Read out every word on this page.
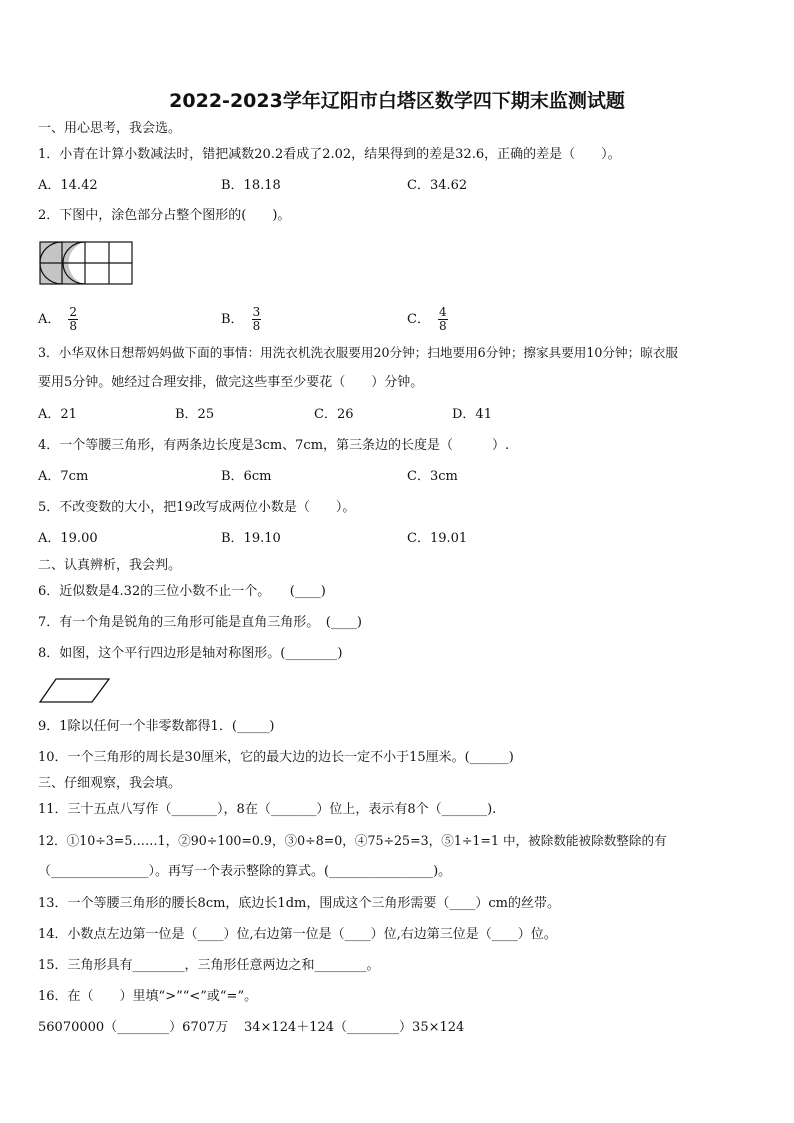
2022-2023学年辽阳市白塔区数学四下期末监测试题
一、用心思考，我会选。
1．小青在计算小数减法时，错把减数20.2看成了2.02，结果得到的差是32.6，正确的差是（　　）。
A．14.42	B．18.18	C．34.62
2．下图中，涂色部分占整个图形的(　　)。
A． $\frac{2}{8}$	B． $\frac{3}{8}$	C． $\frac{4}{8}$
3．小华双休日想帮妈妈做下面的事情：用洗衣机洗衣服要用20分钟；扫地要用6分钟；擦家具要用10分钟；晾衣服
要用5分钟。她经过合理安排，做完这些事至少要花（　　）分钟。
A．21	B．25	C．26	D．41
4．一个等腰三角形，有两条边长度是3cm、7cm，第三条边的长度是（　　　）.
A．7cm	B．6cm	C．3cm
5．不改变数的大小，把19改写成两位小数是（　　）。
A．19.00	B．19.10	C．19.01
二、认真辨析，我会判。
6．近似数是4.32的三位小数不止一个。　　(____)
7．有一个角是锐角的三角形可能是直角三角形。　(____)
8．如图，这个平行四边形是轴对称图形。(________)
9．1除以任何一个非零数都得1．(_____)
10．一个三角形的周长是30厘米，它的最大边的边长一定不小于15厘米。(______)
三、仔细观察，我会填。
11．三十五点八写作（_______），8在（_______）位上，表示有8个（_______).
12．①10÷3=5……1，②90÷100=0.9，③0÷8=0，④75÷25=3，⑤1÷1=1 中，被除数能被除数整除的有
（_______________）。再写一个表示整除的算式。(________________)。
13．一个等腰三角形的腰长8cm，底边长1dm，围成这个三角形需要（____）cm的丝带。
14．小数点左边第一位是（____）位,右边第一位是（____）位,右边第三位是（____）位。
15．三角形具有________，三角形任意两边之和________。
16．在（　　）里填“>”“<”或“=”。
56070000（________）6707万 34×124＋124（________）35×124
